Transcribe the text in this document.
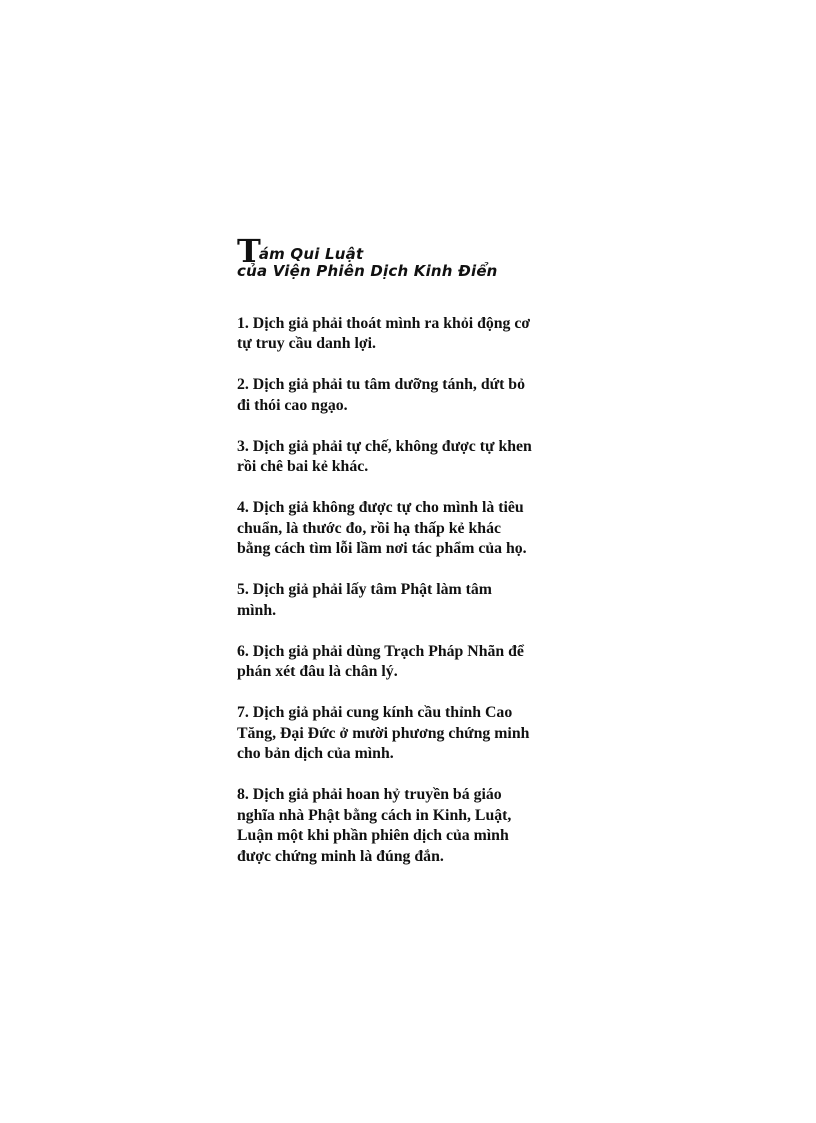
Tám Qui Luật
của Viện Phiên Dịch Kinh Điển
1. Dịch giả phải thoát mình ra khỏi động cơ
tự truy cầu danh lợi.
2. Dịch giả phải tu tâm dưỡng tánh, dứt bỏ
đi thói cao ngạo.
3. Dịch giả phải tự chế, không được tự khen
rồi chê bai kẻ khác.
4. Dịch giả không được tự cho mình là tiêu
chuẩn, là thước đo, rồi hạ thấp kẻ khác
bằng cách tìm lỗi lầm nơi tác phẩm của họ.
5. Dịch giả phải lấy tâm Phật làm tâm
mình.
6. Dịch giả phải dùng Trạch Pháp Nhãn để
phán xét đâu là chân lý.
7. Dịch giả phải cung kính cầu thỉnh Cao
Tăng, Đại Đức ở mười phương chứng minh
cho bản dịch của mình.
8. Dịch giả phải hoan hỷ truyền bá giáo
nghĩa nhà Phật bằng cách in Kinh, Luật,
Luận một khi phần phiên dịch của mình
được chứng minh là đúng đắn.
